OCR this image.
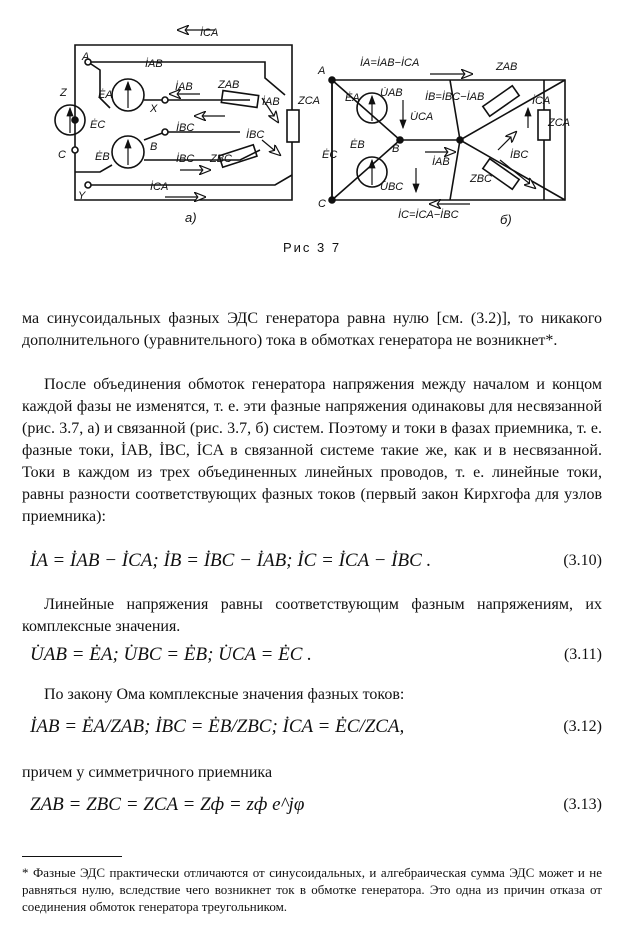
İCA
A
Z
C
Y
X
B
ĖA
ĖC
ĖB
İAB
İAB
İAB
ZAB
İBC
İBC
İBC ZBC
ZCA
İCA
а)
A
B
C
ĖA
ĖB
ĖC
U̇AB
U̇CA
U̇BC
İA=İAB−İCA
İB=İBC−İAB
İC=İCA−İBC
İAB
İCA
İBC
ZAB
ZBC
ZCA
б)
Рис 3 7

ма синусоидальных фазных ЭДС генератора равна нулю [см. (3.2)], то никакого дополнительного (уравнительного) тока в обмотках генератора не возникнет*.

После объединения обмоток генератора напряжения между началом и концом каждой фазы не изменятся, т. е. эти фазные напряжения одинаковы для несвязанной (рис. 3.7, а) и связанной (рис. 3.7, б) систем. Поэтому и токи в фазах приемника, т. е. фазные токи, İAB, İBC, İCA в связанной системе такие же, как и в несвязанной. Токи в каждом из трех объединенных линейных проводов, т. е. линейные токи, равны разности соответствующих фазных токов (первый закон Кирхгофа для узлов приемника):

İA = İAB − İCA; İB = İBC − İAB; İC = İCA − İBC .	(3.10)

Линейные напряжения равны соответствующим фазным напряжениям, их комплексные значения.

U̇AB = ĖA; U̇BC = ĖB; U̇CA = ĖC .	(3.11)

По закону Ома комплексные значения фазных токов:

İAB = ĖA/ZAB; İBC = ĖB/ZBC; İCA = ĖC/ZCA,	(3.12)

причем у симметричного приемника

ZAB = ZBC = ZCA = Zф = zф e^jφ	(3.13)
* Фазные ЭДС практически отличаются от синусоидальных, и алгебраическая сумма ЭДС может и не равняться нулю, вследствие чего возникнет ток в обмотке генератора. Это одна из причин отказа от соединения обмоток генератора треугольником.
